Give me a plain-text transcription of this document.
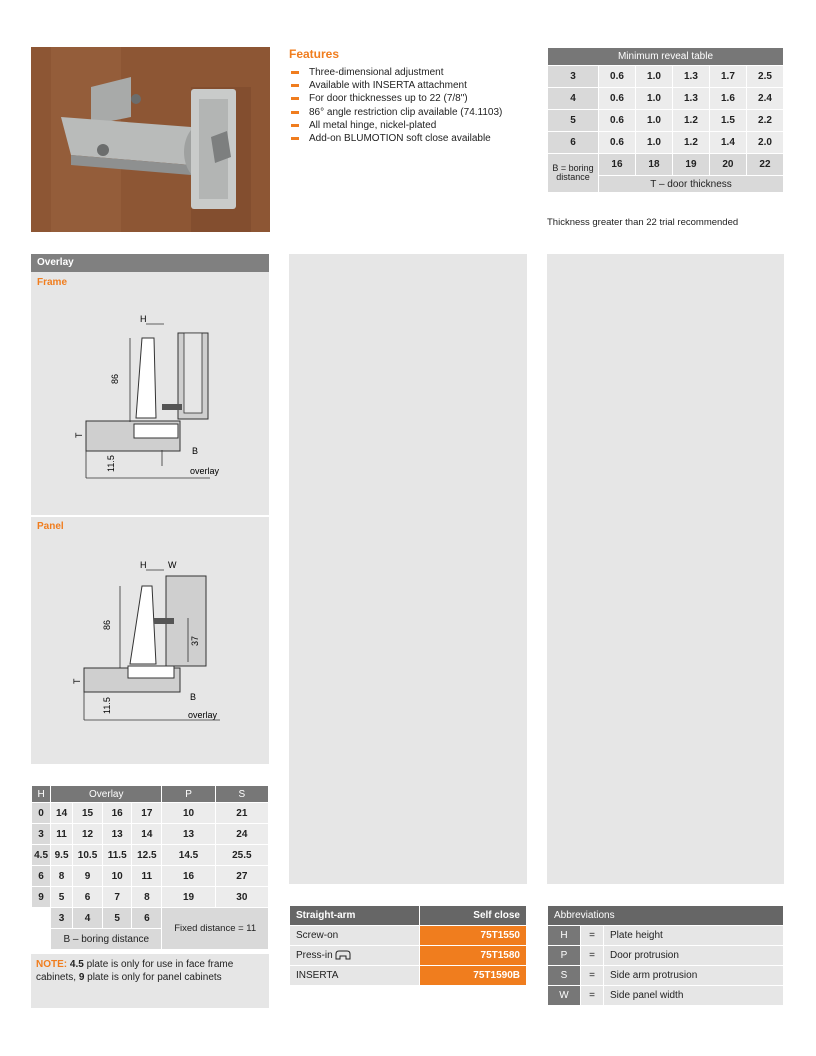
Features
Three-dimensional adjustment
Available with INSERTA attachment
For door thicknesses up to 22 (7/8")
86° angle restriction clip available (74.1103)
All metal hinge, nickel-plated
Add-on BLUMOTION soft close available
Minimum reveal table					
3	0.6	1.0	1.3	1.7	2.5
4	0.6	1.0	1.3	1.6	2.4
5	0.6	1.0	1.2	1.5	2.2
6	0.6	1.0	1.2	1.4	2.0
B = boring distance	16	18	19	20	22
	T – door thickness				
Thickness greater than 22 trial recommended
Overlay
Frame
Panel
H
86
T
11.5
B
overlay
H W
86
37
T
11.5
B
overlay
H	Overlay				P	S
0	14	15	16	17	10	21
3	11	12	13	14	13	24
4.5	9.5	10.5	11.5	12.5	14.5	25.5
6	8	9	10	11	16	27
9	5	6	7	8	19	30
	3	4	5	6	Fixed distance = 11	
	B – boring distance					
NOTE: 4.5 plate is only for use in face frame cabinets, 9 plate is only for panel cabinets
Straight-arm	Self close
Screw-on	75T1550
Press-in	75T1580
INSERTA	75T1590B
Abbreviations		
H	=	Plate height
P	=	Door protrusion
S	=	Side arm protrusion
W	=	Side panel width
